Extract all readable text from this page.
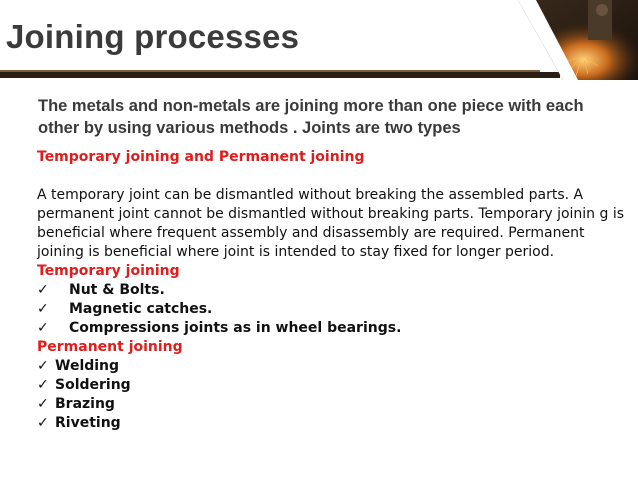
Joining processes

The metals and non-metals are joining more than one piece with each other by using various methods . Joints are two types

Temporary joining and Permanent joining

A temporary joint can be dismantled without breaking the assembled parts. A permanent joint cannot be dismantled without breaking parts. Temporary joinin g is beneficial where frequent assembly and disassembly are required. Permanent joining is beneficial where joint is intended to stay fixed for longer period.

Temporary joining
✓ Nut & Bolts.
✓ Magnetic catches.
✓ Compressions joints as in wheel bearings.
Permanent joining
✓ Welding
✓ Soldering
✓ Brazing
✓ Riveting
